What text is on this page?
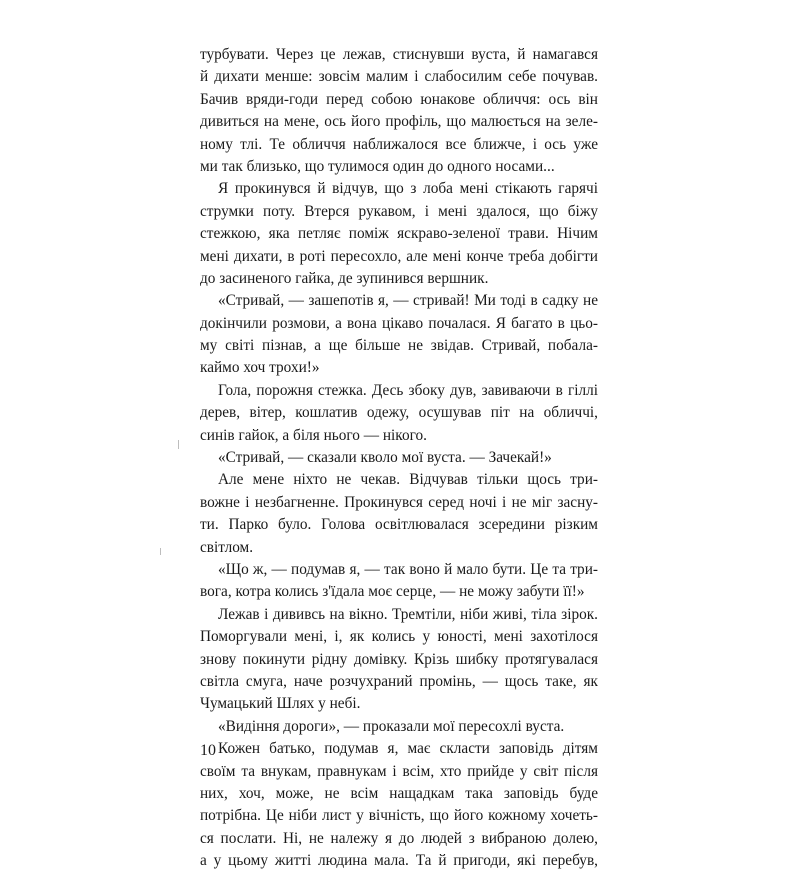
турбувати. Через це лежав, стиснувши вуста, й намагався
й дихати менше: зовсім малим і слабосилим себе почував.
Бачив вряди-годи перед собою юнакове обличчя: ось він
дивиться на мене, ось його профіль, що малюється на зеле-
ному тлі. Те обличчя наближалося все ближче, і ось уже
ми так близько, що тулимося один до одного носами...
Я прокинувся й відчув, що з лоба мені стікають гарячі
струмки поту. Втерся рукавом, і мені здалося, що біжу
стежкою, яка петляє поміж яскраво-зеленої трави. Нічим
мені дихати, в роті пересохло, але мені конче треба добігти
до засиненого гайка, де зупинився вершник.
«Стривай, — зашепотів я, — стривай! Ми тоді в садку не
докінчили розмови, а вона цікаво почалася. Я багато в цьо-
му світі пізнав, а ще більше не звідав. Стривай, побала-
каймо хоч трохи!»
Гола, порожня стежка. Десь збоку дув, завиваючи в гіллі
дерев, вітер, кошлатив одежу, осушував піт на обличчі,
синів гайок, а біля нього — нікого.
«Стривай, — сказали кволо мої вуста. — Зачекай!»
Але мене ніхто не чекав. Відчував тільки щось три-
вожне і незбагненне. Прокинувся серед ночі і не міг засну-
ти. Парко було. Голова освітлювалася зсередини різким
світлом.
«Що ж, — подумав я, — так воно й мало бути. Це та три-
вога, котра колись з'їдала моє серце, — не можу забути її!»
Лежав і дививсь на вікно. Тремтіли, ніби живі, тіла зірок.
Поморгували мені, і, як колись у юності, мені захотілося
знову покинути рідну домівку. Крізь шибку протягувалася
світла смуга, наче розчухраний промінь, — щось таке, як
Чумацький Шлях у небі.
«Видіння дороги», — проказали мої пересохлі вуста.
Кожен батько, подумав я, має скласти заповідь дітям
своїм та внукам, правнукам і всім, хто прийде у світ після
них, хоч, може, не всім нащадкам така заповідь буде
потрібна. Це ніби лист у вічність, що його кожному хочеть-
ся послати. Ні, не належу я до людей з вибраною долею,
а у цьому житті людина мала. Та й пригоди, які перебув,
10
